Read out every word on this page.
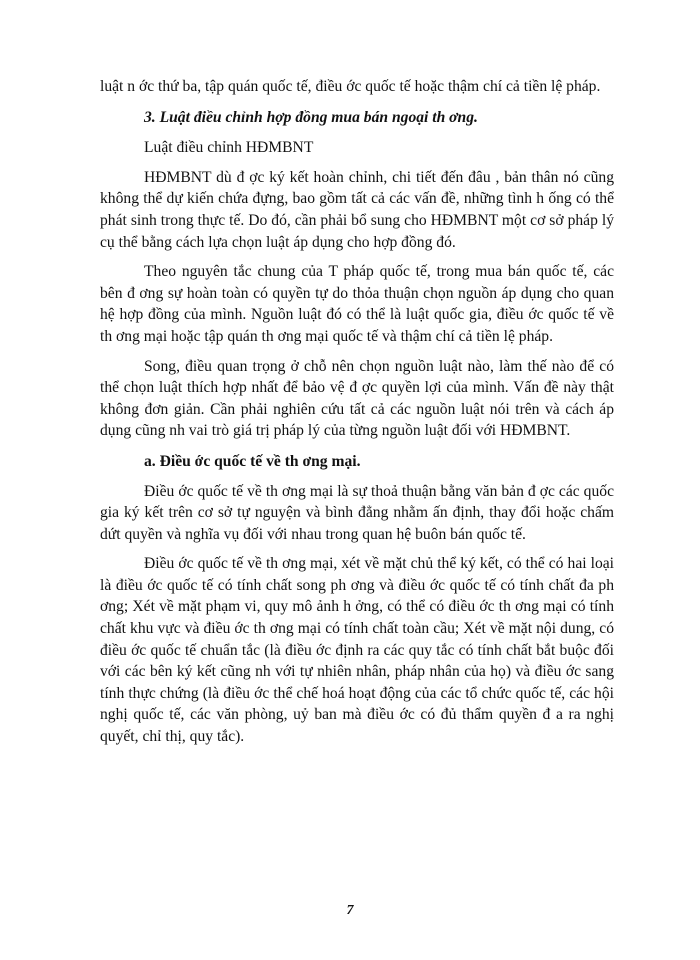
luật n ớc thứ ba, tập quán quốc tế, điều ớc quốc tế hoặc thậm chí cả tiền lệ pháp.

3. Luật điều chỉnh hợp đồng mua bán ngoại th ơng.

Luật điều chỉnh HĐMBNT

HĐMBNT dù đ ợc ký kết hoàn chỉnh, chi tiết đến đâu , bản thân nó cũng không thể dự kiến chứa đựng, bao gồm tất cả các vấn đề, những tình h ống có thể phát sinh trong thực tế. Do đó, cần phải bổ sung cho HĐMBNT một cơ sở pháp lý cụ thể bằng cách lựa chọn luật áp dụng cho hợp đồng đó.

Theo nguyên tắc chung của T pháp quốc tế, trong mua bán quốc tế, các bên đ ơng sự hoàn toàn có quyền tự do thỏa thuận chọn nguồn áp dụng cho quan hệ hợp đồng của mình. Nguồn luật đó có thể là luật quốc gia, điều ớc quốc tế về th ơng mại hoặc tập quán th ơng mại quốc tế và thậm chí cả tiền lệ pháp.

Song, điều quan trọng ở chỗ nên chọn nguồn luật nào, làm thế nào để có thể chọn luật thích hợp nhất để bảo vệ đ ợc quyền lợi của mình. Vấn đề này thật không đơn giản. Cần phải nghiên cứu tất cả các nguồn luật nói trên và cách áp dụng cũng nh vai trò giá trị pháp lý của từng nguồn luật đối với HĐMBNT.

a. Điều ớc quốc tế về th ơng mại.

Điều ớc quốc tế về th ơng mại là sự thoả thuận bằng văn bản đ ợc các quốc gia ký kết trên cơ sở tự nguyện và bình đẳng nhằm ấn định, thay đổi hoặc chấm dứt quyền và nghĩa vụ đối với nhau trong quan hệ buôn bán quốc tế.

Điều ớc quốc tế về th ơng mại, xét về mặt chủ thể ký kết, có thể có hai loại là điều ớc quốc tế có tính chất song ph ơng và điều ớc quốc tế có tính chất đa ph ơng; Xét về mặt phạm vi, quy mô ảnh h ởng, có thể có điều ớc th ơng mại có tính chất khu vực và điều ớc th ơng mại có tính chất toàn cầu; Xét về mặt nội dung, có điều ớc quốc tế chuẩn tắc (là điều ớc định ra các quy tắc có tính chất bắt buộc đối với các bên ký kết cũng nh với tự nhiên nhân, pháp nhân của họ) và điều ớc sang tính thực chứng (là điều ớc thể chế hoá hoạt động của các tổ chức quốc tế, các hội nghị quốc tế, các văn phòng, uỷ ban mà điều ớc có đủ thẩm quyền đ a ra nghị quyết, chỉ thị, quy tắc).

7
